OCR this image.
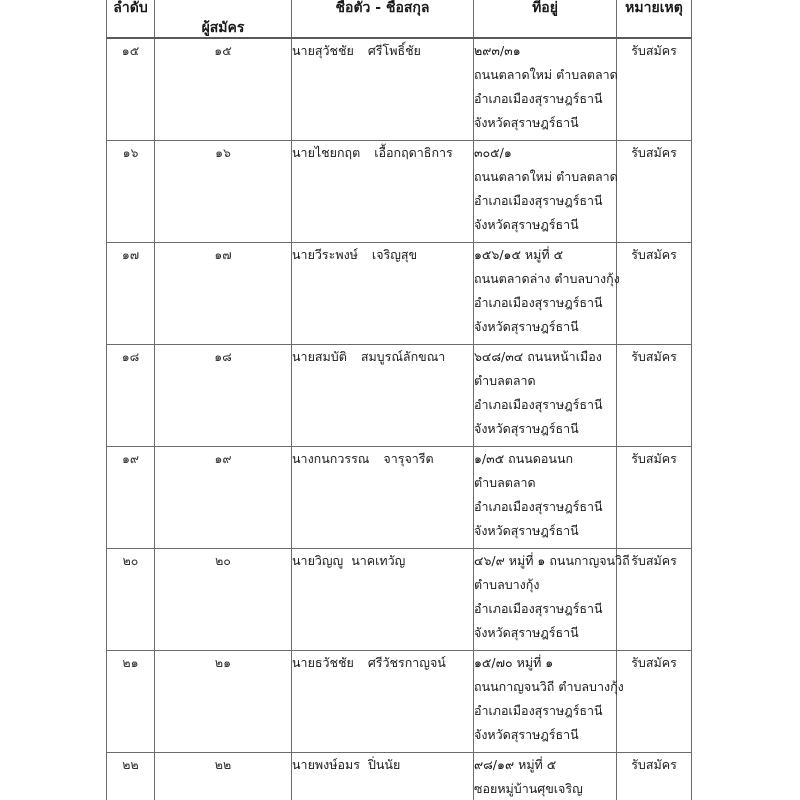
ลำดับ	ผู้สมัคร	ชื่อตัว - ชื่อสกุล	ที่อยู่	หมายเหตุ

๑๕	๑๕	นายสุวัชชัย ศรีโพธิ์ชัย	๒๙๓/๓๑
ถนนตลาดใหม่ ตำบลตลาด
อำเภอเมืองสุราษฎร์ธานี
จังหวัดสุราษฎร์ธานี	รับสมัคร
๑๖	๑๖	นายไชยกฤต เอื้อกฤดาธิการ	๓๐๕/๑
ถนนตลาดใหม่ ตำบลตลาด
อำเภอเมืองสุราษฎร์ธานี
จังหวัดสุราษฎร์ธานี	รับสมัคร
๑๗	๑๗	นายวีระพงษ์ เจริญสุข	๑๕๖/๑๕ หมู่ที่ ๕
ถนนตลาดล่าง ตำบลบางกุ้ง
อำเภอเมืองสุราษฎร์ธานี
จังหวัดสุราษฎร์ธานี	รับสมัคร
๑๘	๑๘	นายสมบัติ สมบูรณ์ลักขณา	๖๔๘/๓๔ ถนนหน้าเมือง
ตำบลตลาด
อำเภอเมืองสุราษฎร์ธานี
จังหวัดสุราษฎร์ธานี	รับสมัคร
๑๙	๑๙	นางกนกวรรณ จารุจารีต	๑/๓๕ ถนนดอนนก
ตำบลตลาด
อำเภอเมืองสุราษฎร์ธานี
จังหวัดสุราษฎร์ธานี	รับสมัคร
๒๐	๒๐	นายวิญญู นาคเทวัญ	๔๖/๙ หมู่ที่ ๑ ถนนกาญจนวิถี
ตำบลบางกุ้ง
อำเภอเมืองสุราษฎร์ธานี
จังหวัดสุราษฎร์ธานี	รับสมัคร
๒๑	๒๑	นายธวัชชัย ศรีวัชรกาญจน์	๑๕/๗๐ หมู่ที่ ๑
ถนนกาญจนวิถี ตำบลบางกุ้ง
อำเภอเมืองสุราษฎร์ธานี
จังหวัดสุราษฎร์ธานี	รับสมัคร
๒๒	๒๒	นายพงษ์อมร ปิ่นนัย	๙๘/๑๙ หมู่ที่ ๕
ซอยหมู่บ้านศุขเจริญ	รับสมัคร
